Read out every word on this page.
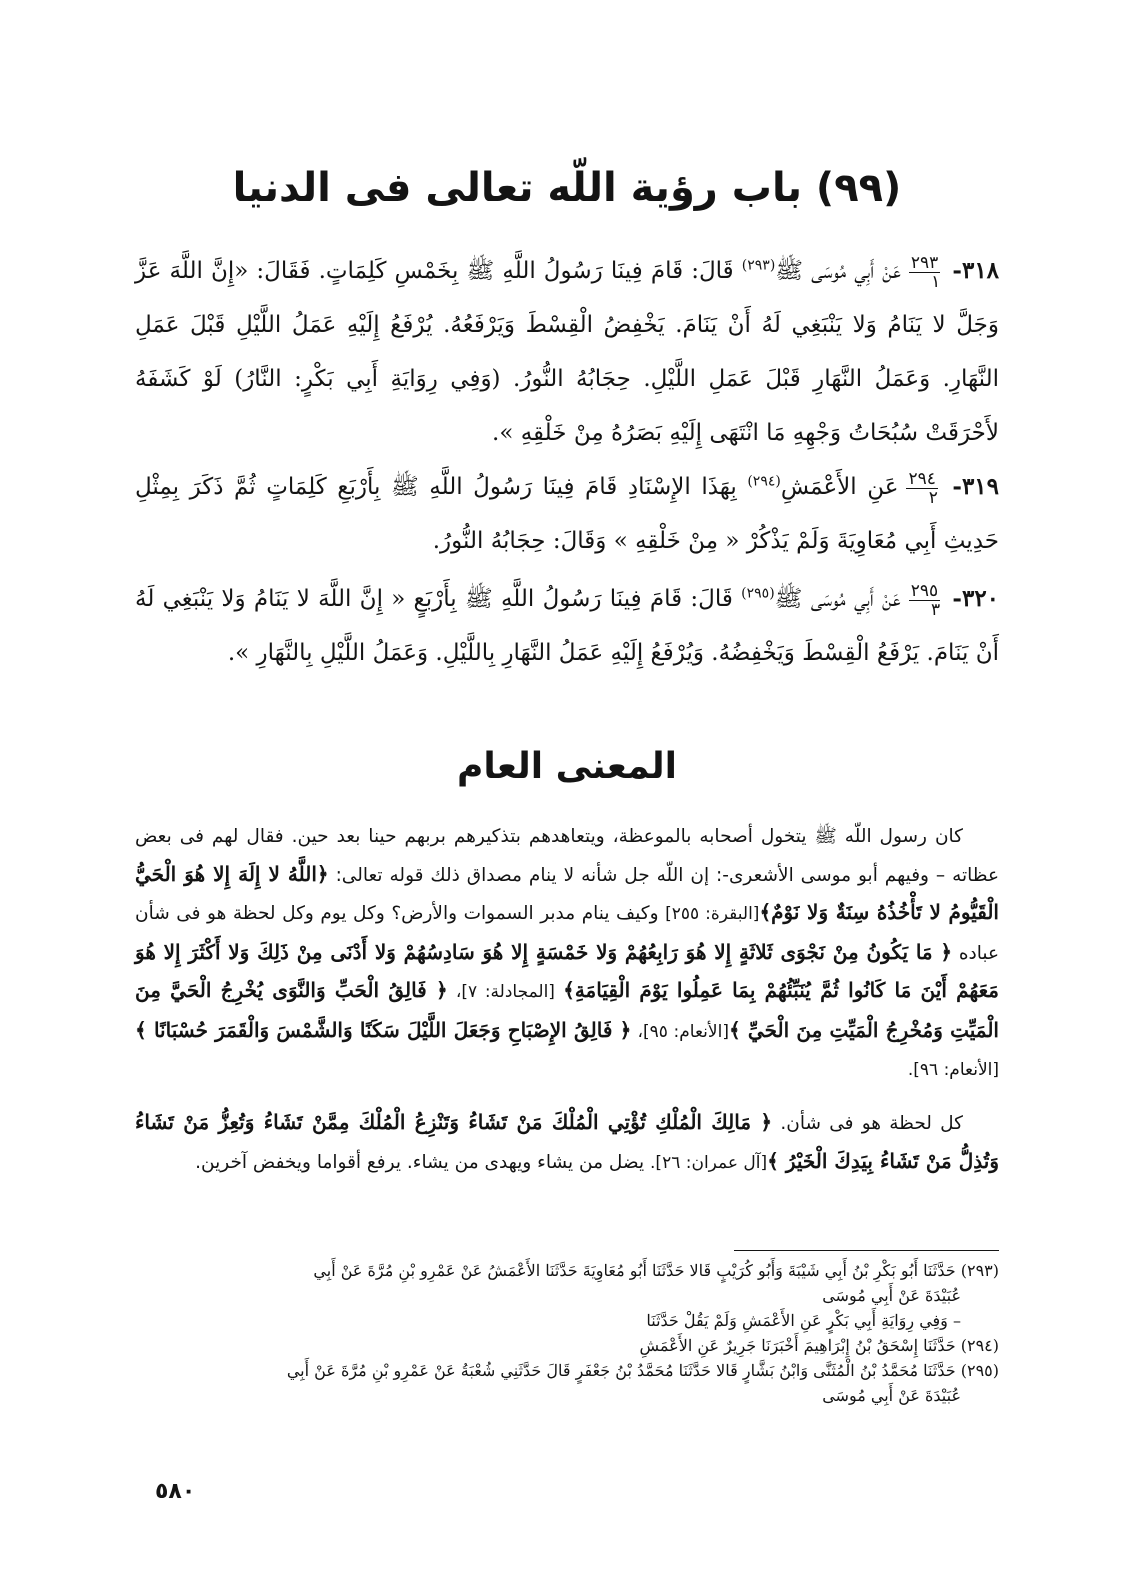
(٩٩) باب رؤية اللّه تعالى فى الدنيا

٣١٨-
$\frac{٢٩٣}{١}$
عَنْ أَبِي مُوسَى ﷺ$^{(٢٩٣)}$ قَالَ: قَامَ فِينَا رَسُولُ اللَّهِ ﷺ بِخَمْسِ كَلِمَاتٍ. فَقَالَ: «إِنَّ اللَّهَ عَزَّ وَجَلَّ لا يَنَامُ وَلا يَنْبَغِي لَهُ أَنْ يَنَامَ. يَخْفِضُ الْقِسْطَ وَيَرْفَعُهُ. يُرْفَعُ إِلَيْهِ عَمَلُ اللَّيْلِ قَبْلَ عَمَلِ النَّهَارِ. وَعَمَلُ النَّهَارِ قَبْلَ عَمَلِ اللَّيْلِ. حِجَابُهُ النُّورُ. (وَفِي رِوَايَةِ أَبِي بَكْرٍ: النَّارُ) لَوْ كَشَفَهُ لأَحْرَقَتْ سُبُحَاتُ وَجْهِهِ مَا انْتَهَى إِلَيْهِ بَصَرُهُ مِنْ خَلْقِهِ ».

٣١٩-
$\frac{٢٩٤}{٢}$
عَنِ الأَعْمَشِ$^{(٢٩٤)}$ بِهَذَا الإِسْنَادِ قَامَ فِينَا رَسُولُ اللَّهِ ﷺ بِأَرْبَعِ كَلِمَاتٍ ثُمَّ ذَكَرَ بِمِثْلِ حَدِيثِ أَبِي مُعَاوِيَةَ وَلَمْ يَذْكُرْ « مِنْ خَلْقِهِ » وَقَالَ: حِجَابُهُ النُّورُ.

٣٢٠-
$\frac{٢٩٥}{٣}$
عَنْ أَبِي مُوسَى ﷺ$^{(٢٩٥)}$ قَالَ: قَامَ فِينَا رَسُولُ اللَّهِ ﷺ بِأَرْبَعٍ « إِنَّ اللَّهَ لا يَنَامُ وَلا يَنْبَغِي لَهُ أَنْ يَنَامَ. يَرْفَعُ الْقِسْطَ وَيَخْفِضُهُ. وَيُرْفَعُ إِلَيْهِ عَمَلُ النَّهَارِ بِاللَّيْلِ. وَعَمَلُ اللَّيْلِ بِالنَّهَارِ ».

المعنى العام

كان رسول اللّه ﷺ يتخول أصحابه بالموعظة، ويتعاهدهم بتذكيرهم بربهم حينا بعد حين. فقال لهم فى بعض عظاته – وفيهم أبو موسى الأشعرى-: إن اللّه جل شأنه لا ينام مصداق ذلك قوله تعالى: ﴿اللَّهُ لا إِلَهَ إِلا هُوَ الْحَيُّ الْقَيُّومُ لا تَأْخُذُهُ سِنَةٌ وَلا نَوْمٌ﴾[البقرة: ٢٥٥] وكيف ينام مدبر السموات والأرض؟ وكل يوم وكل لحظة هو فى شأن عباده ﴿ مَا يَكُونُ مِنْ نَجْوَى ثَلاثَةٍ إِلا هُوَ رَابِعُهُمْ وَلا خَمْسَةٍ إِلا هُوَ سَادِسُهُمْ وَلا أَدْنَى مِنْ ذَلِكَ وَلا أَكْثَرَ إِلا هُوَ مَعَهُمْ أَيْنَ مَا كَانُوا ثُمَّ يُنَبِّئُهُمْ بِمَا عَمِلُوا يَوْمَ الْقِيَامَةِ﴾ [المجادلة: ٧]، ﴿ فَالِقُ الْحَبِّ وَالنَّوَى يُخْرِجُ الْحَيَّ مِنَ الْمَيِّتِ وَمُخْرِجُ الْمَيِّتِ مِنَ الْحَيِّ ﴾[الأنعام: ٩٥]، ﴿ فَالِقُ الإِصْبَاحِ وَجَعَلَ اللَّيْلَ سَكَنًا وَالشَّمْسَ وَالْقَمَرَ حُسْبَانًا ﴾[الأنعام: ٩٦].

كل لحظة هو فى شأن. ﴿ مَالِكَ الْمُلْكِ تُؤْتِي الْمُلْكَ مَنْ تَشَاءُ وَتَنْزِعُ الْمُلْكَ مِمَّنْ تَشَاءُ وَتُعِزُّ مَنْ تَشَاءُ وَتُذِلُّ مَنْ تَشَاءُ بِيَدِكَ الْخَيْرُ ﴾[آل عمران: ٢٦]. يضل من يشاء ويهدى من يشاء. يرفع أقواما ويخفض آخرين.

(٢٩٣) حَدَّثَنَا أَبُو بَكْرِ بْنُ أَبِي شَيْبَةَ وَأَبُو كُرَيْبٍ قَالا حَدَّثَنَا أَبُو مُعَاوِيَةَ حَدَّثَنَا الأَعْمَشُ عَنْ عَمْرِو بْنِ مُرَّةَ عَنْ أَبِي

عُبَيْدَةَ عَنْ أَبِي مُوسَى

– وَفِي رِوَايَةِ أَبِي بَكْرٍ عَنِ الأَعْمَشِ وَلَمْ يَقُلْ حَدَّثَنَا

(٢٩٤) حَدَّثَنَا إِسْحَقُ بْنُ إِبْرَاهِيمَ أَخْبَرَنَا جَرِيرٌ عَنِ الأَعْمَشِ

(٢٩٥) حَدَّثَنَا مُحَمَّدُ بْنُ الْمُثَنَّى وَابْنُ بَشَّارٍ قَالا حَدَّثَنَا مُحَمَّدُ بْنُ جَعْفَرٍ قَالَ حَدَّثَنِي شُعْبَةُ عَنْ عَمْرِو بْنِ مُرَّةَ عَنْ أَبِي

عُبَيْدَةَ عَنْ أَبِي مُوسَى

٥٨٠
